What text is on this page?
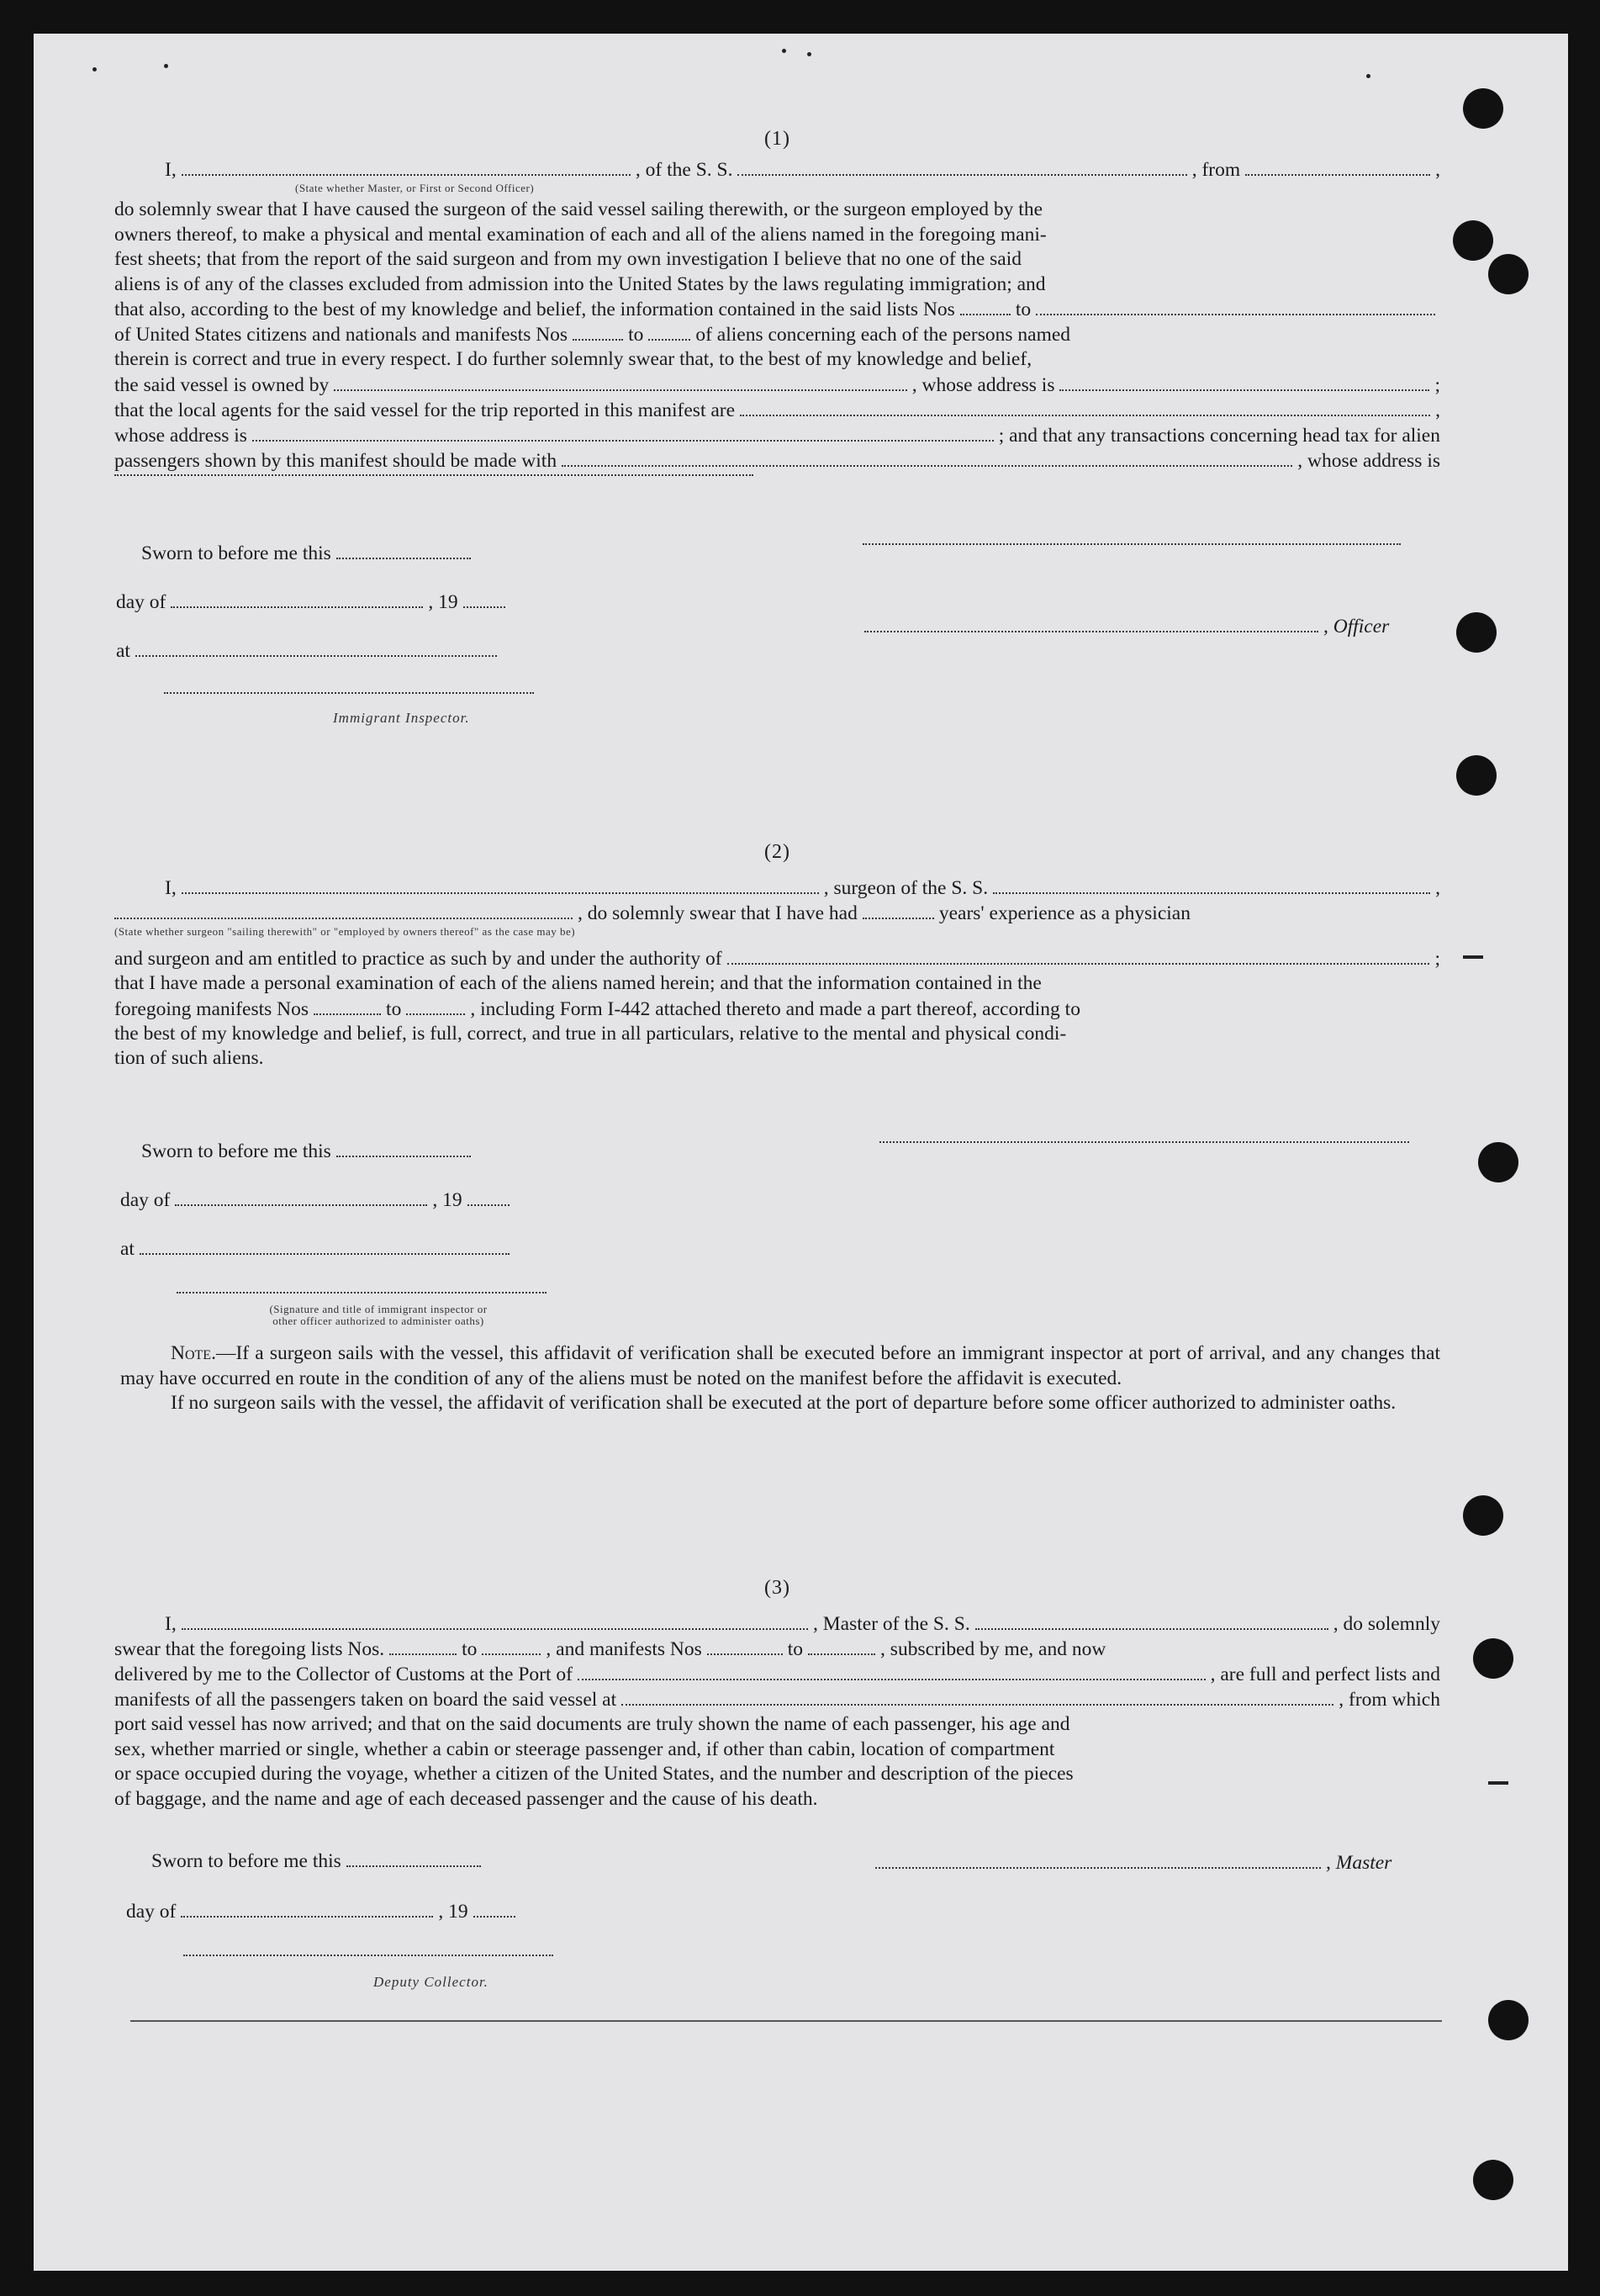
(1)
I,	, of the S. S.	, from	,
(State whether Master, or First or Second Officer)
do solemnly swear that I have caused the surgeon of the said vessel sailing therewith, or the surgeon employed by the
owners thereof, to make a physical and mental examination of each and all of the aliens named in the foregoing mani-
fest sheets; that from the report of the said surgeon and from my own investigation I believe that no one of the said
aliens is of any of the classes excluded from admission into the United States by the laws regulating immigration; and
that also, according to the best of my knowledge and belief, the information contained in the said lists Nos	to
of United States citizens and nationals and manifests Nos	to	of aliens concerning each of the persons named
therein is correct and true in every respect. I do further solemnly swear that, to the best of my knowledge and belief,
the said vessel is owned by	, whose address is	;
that the local agents for the said vessel for the trip reported in this manifest are	,
whose address is	; and that any transactions concerning head tax for alien
passengers shown by this manifest should be made with	, whose address is
Sworn to before me this
day of	, 19
, Officer
at
Immigrant Inspector.
(2)
I,	, surgeon of the S. S.	,
, do solemnly swear that I have had	years' experience as a physician
(State whether surgeon "sailing therewith" or "employed by owners thereof" as the case may be)
and surgeon and am entitled to practice as such by and under the authority of	;
that I have made a personal examination of each of the aliens named herein; and that the information contained in the
foregoing manifests Nos	to	, including Form I-442 attached thereto and made a part thereof, according to
the best of my knowledge and belief, is full, correct, and true in all particulars, relative to the mental and physical condi-
tion of such aliens.
Sworn to before me this
day of	, 19
at
(Signature and title of immigrant inspector or
other officer authorized to administer oaths)
Note.—If a surgeon sails with the vessel, this affidavit of verification shall be executed before an immigrant inspector at port of arrival, and any changes that may have occurred en route in the condition of any of the aliens must be noted on the manifest before the affidavit is executed.
If no surgeon sails with the vessel, the affidavit of verification shall be executed at the port of departure before some officer authorized to administer oaths.
(3)
I,	, Master of the S. S.	, do solemnly
swear that the foregoing lists Nos.	to	, and manifests Nos	to	, subscribed by me, and now
delivered by me to the Collector of Customs at the Port of	, are full and perfect lists and
manifests of all the passengers taken on board the said vessel at	, from which
port said vessel has now arrived; and that on the said documents are truly shown the name of each passenger, his age and
sex, whether married or single, whether a cabin or steerage passenger and, if other than cabin, location of compartment
or space occupied during the voyage, whether a citizen of the United States, and the number and description of the pieces
of baggage, and the name and age of each deceased passenger and the cause of his death.
Sworn to before me this	, Master
day of	, 19
Deputy Collector.
